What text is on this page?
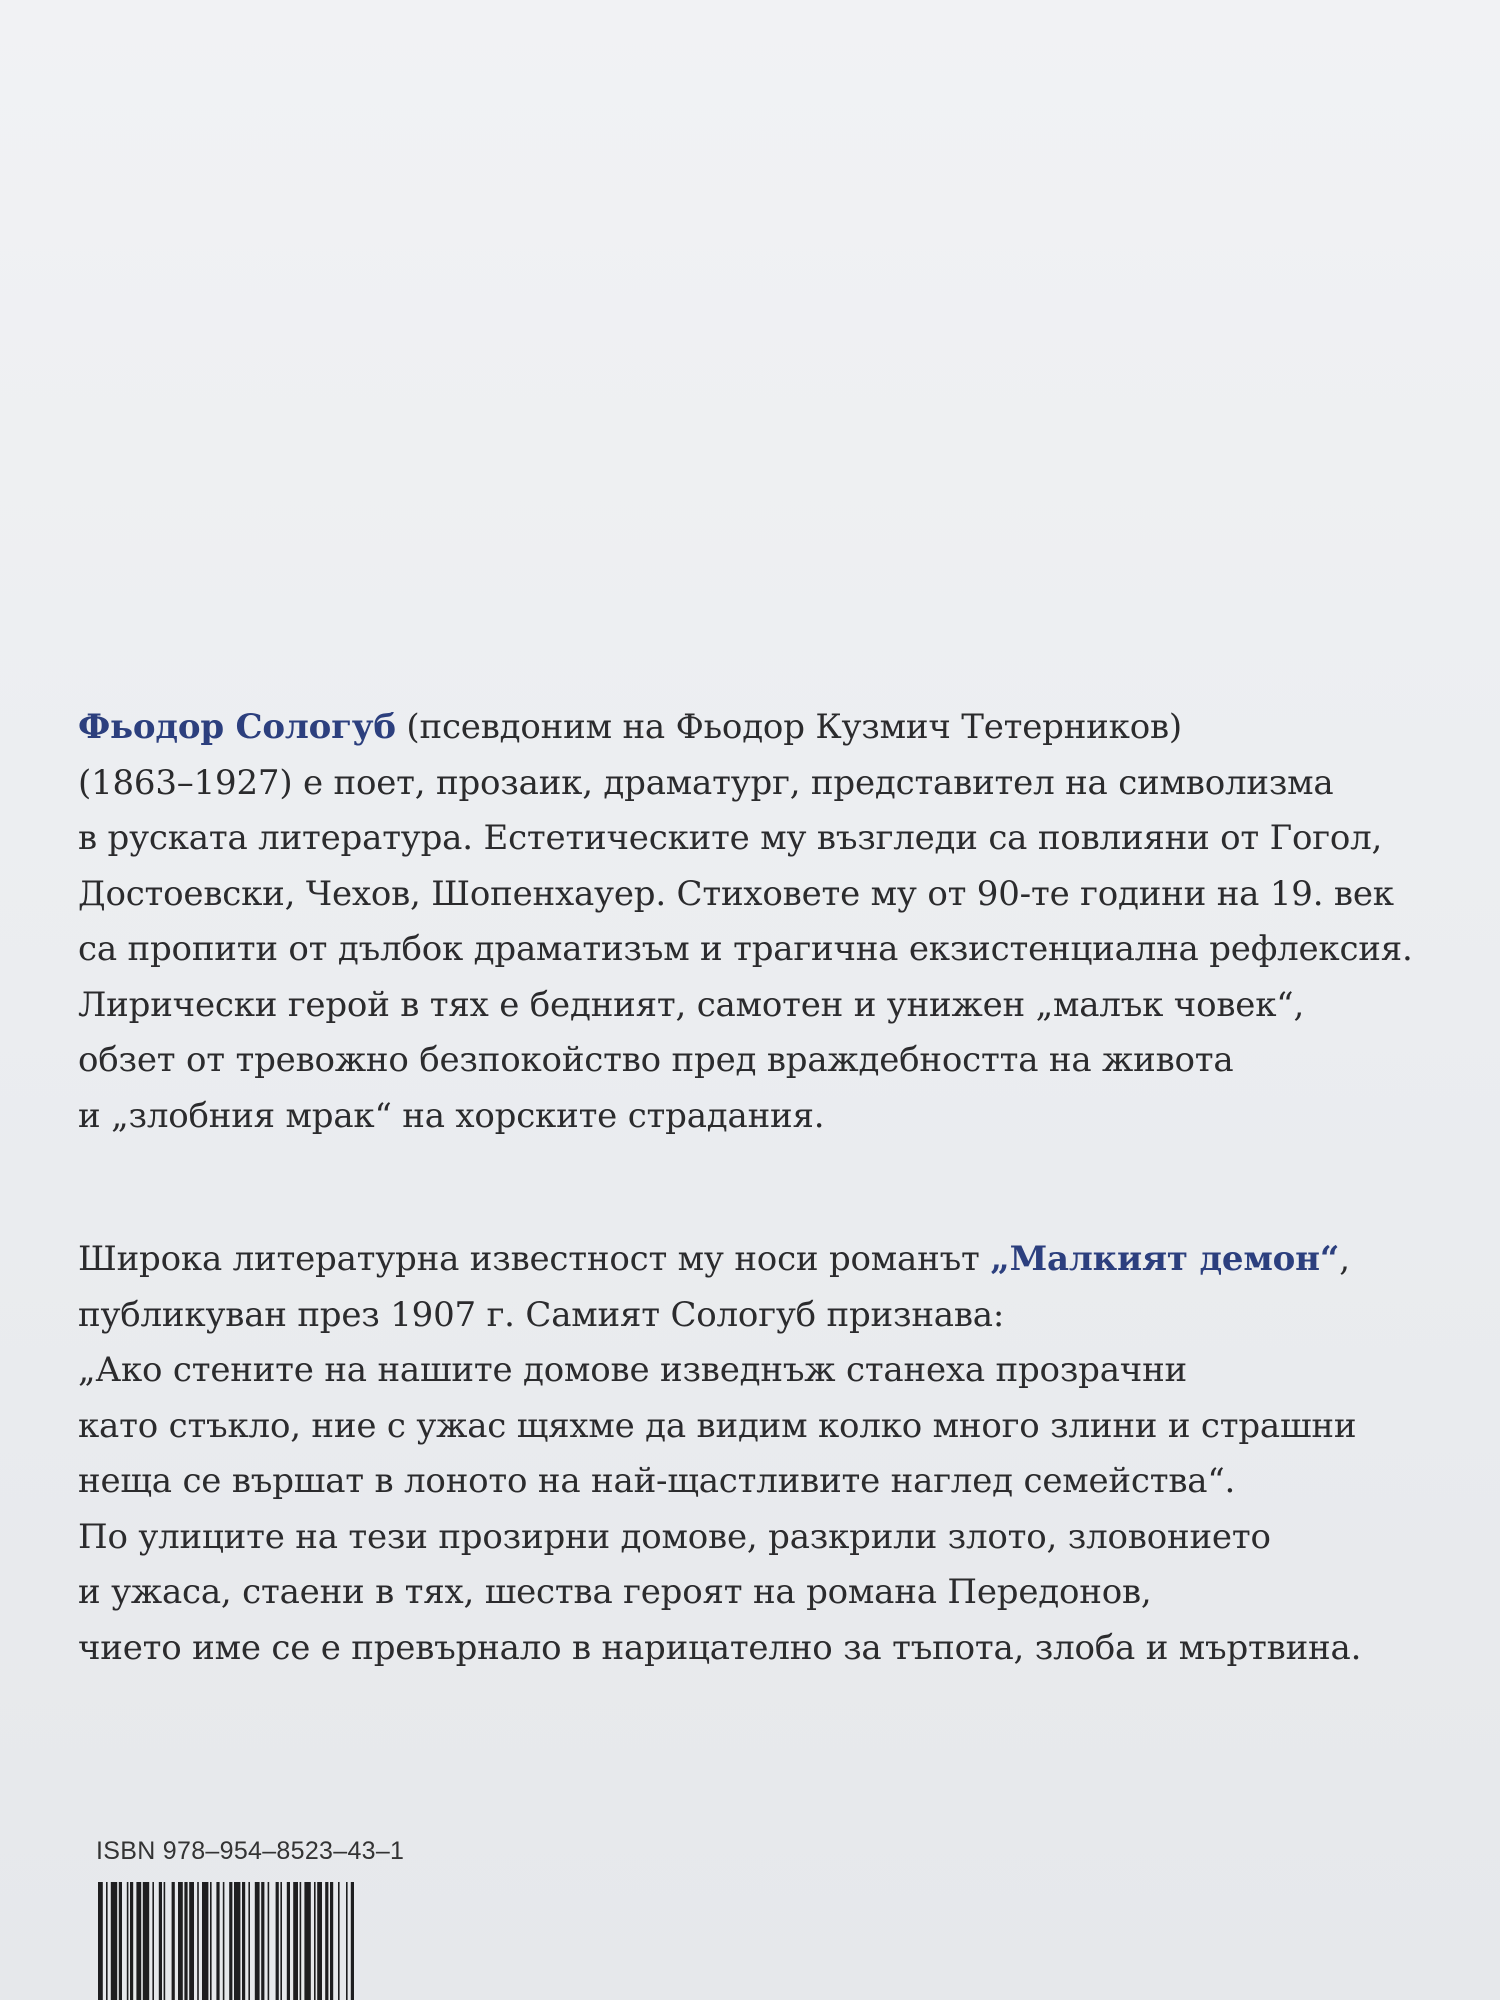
Фьодор Сологуб (псевдоним на Фьодор Кузмич Тетерников)
(1863–1927) е поет, прозаик, драматург, представител на символизма
в руската литература. Естетическите му възгледи са повлияни от Гогол,
Достоевски, Чехов, Шопенхауер. Стиховете му от 90-те години на 19. век
са пропити от дълбок драматизъм и трагична екзистенциална рефлексия.
Лирически герой в тях е бедният, самотен и унижен „малък човек“,
обзет от тревожно безпокойство пред враждебността на живота
и „злобния мрак“ на хорските страдания.
Широка литературна известност му носи романът „Малкият демон“,
публикуван през 1907 г. Самият Сологуб признава:
„Ако стените на нашите домове изведнъж станеха прозрачни
като стъкло, ние с ужас щяхме да видим колко много злини и страшни
неща се вършат в лоното на най-щастливите наглед семейства“.
По улиците на тези прозирни домове, разкрили злото, зловонието
и ужаса, стаени в тях, шества героят на романа Передонов,
чието име се е превърнало в нарицателно за тъпота, злоба и мъртвина.
ISBN 978–954–8523–43–1
